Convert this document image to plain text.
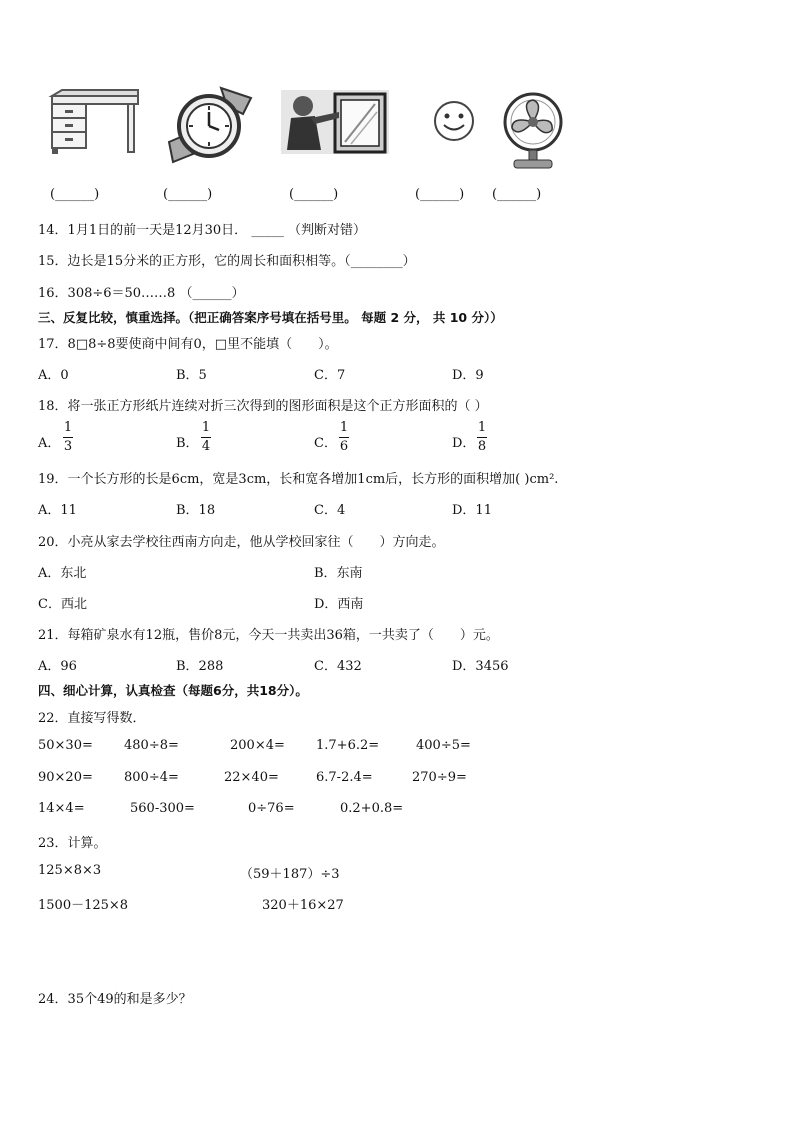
(______)	(______)	(______)	(______) (______)
14．1月1日的前一天是12月30日． _____ （判断对错）
15．边长是15分米的正方形，它的周长和面积相等。（________）
16．308÷6＝50……8 （______）
三、反复比较，慎重选择。（把正确答案序号填在括号里。 每题 2 分， 共 10 分））
17．8□8÷8要使商中间有0，□里不能填（　　）。
A．0	B．5	C．7	D．9
18．将一张正方形纸片连续对折三次得到的图形面积是这个正方形面积的（ ）
A．
1
3	B．
1
4	C．
1
6	D．
1
8
19．一个长方形的长是6cm，宽是3cm，长和宽各增加1cm后，长方形的面积增加( )cm².
A．11	B．18	C．4	D．11
20．小亮从家去学校往西南方向走，他从学校回家往（　　）方向走。
A．东北	B．东南
C．西北	D．西南
21．每箱矿泉水有12瓶，售价8元，今天一共卖出36箱，一共卖了（　　）元。
A．96	B．288	C．432	D．3456
四、细心计算，认真检查（每题6分，共18分）。
22．直接写得数．
50×30= 480÷8=	200×4= 1.7+6.2=	400÷5=
90×20= 800÷4=	22×40=	6.7-2.4=	270÷9=
14×4=	560-300=	0÷76=	0.2+0.8=
23．计算。
125×8×3	（59＋187）÷3
1500－125×8	320＋16×27
24．35个49的和是多少？
